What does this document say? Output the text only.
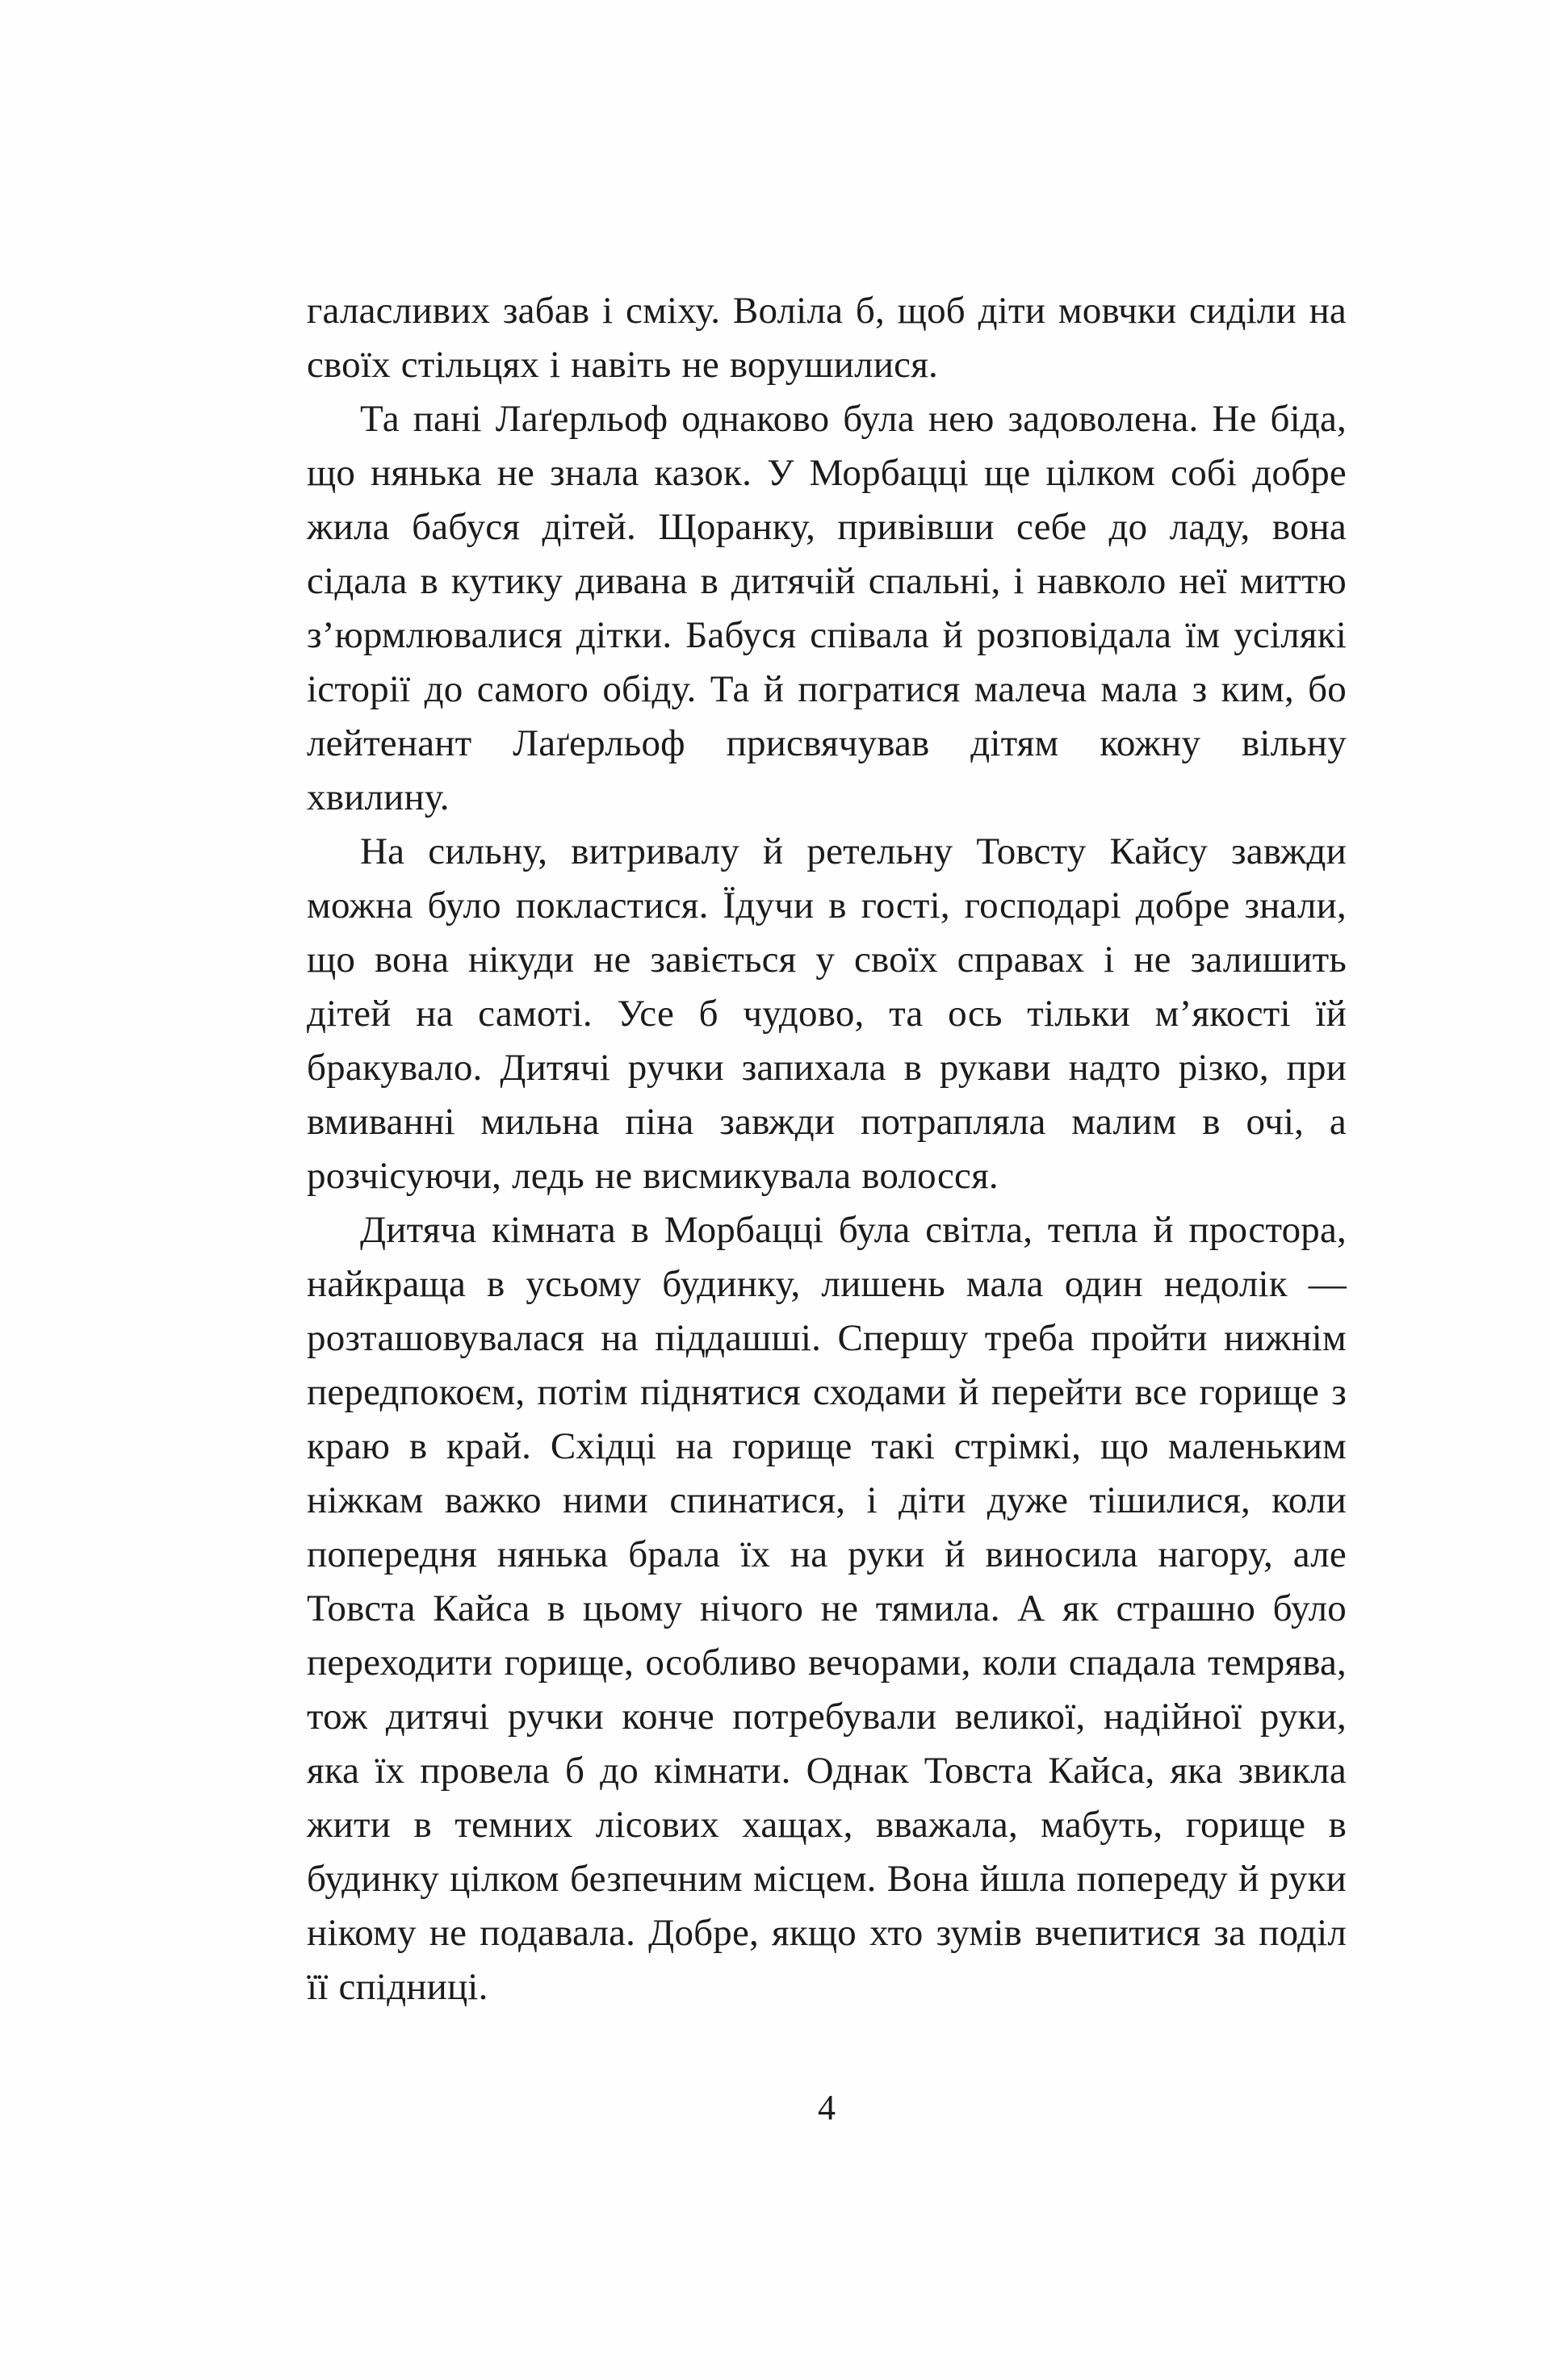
галасливих забав і сміху. Воліла б, щоб діти мовчки сиділи на своїх стільцях і навіть не ворушилися.

Та пані Лаґерльоф однаково була нею задоволена. Не біда, що нянька не знала казок. У Морбацці ще цілком собі добре жила бабуся дітей. Щоранку, привівши себе до ладу, вона сідала в кутику дивана в дитячій спальні, і навколо неї миттю з’юрмлювалися дітки. Бабуся співала й розповідала їм усілякі історії до самого обіду. Та й погратися малеча мала з ким, бо лейтенант Лаґерльоф присвячував дітям кожну вільну хвилину.

На сильну, витривалу й ретельну Товсту Кайсу завжди можна було покластися. Їдучи в гості, господарі добре знали, що вона нікуди не завіється у своїх справах і не залишить дітей на самоті. Усе б чудово, та ось тільки м’якості їй бракувало. Дитячі ручки запихала в рукави надто різко, при вмиванні мильна піна завжди потрапляла малим в очі, а розчісуючи, ледь не висмикувала волосся.

Дитяча кімната в Морбацці була світла, тепла й простора, найкраща в усьому будинку, лишень мала один недолік — розташовувалася на піддашші. Спершу треба пройти нижнім передпокоєм, потім піднятися сходами й перейти все горище з краю в край. Східці на горище такі стрімкі, що маленьким ніжкам важко ними спинатися, і діти дуже тішилися, коли попередня нянька брала їх на руки й виносила нагору, але Товста Кайса в цьому нічого не тямила. А як страшно було переходити горище, особливо вечорами, коли спадала темрява, тож дитячі ручки конче потребували великої, надійної руки, яка їх провела б до кімнати. Однак Товста Кайса, яка звикла жити в темних лісових хащах, вважала, мабуть, горище в будинку цілком безпечним місцем. Вона йшла попереду й руки нікому не подавала. Добре, якщо хто зумів вчепитися за поділ її спідниці.

4
